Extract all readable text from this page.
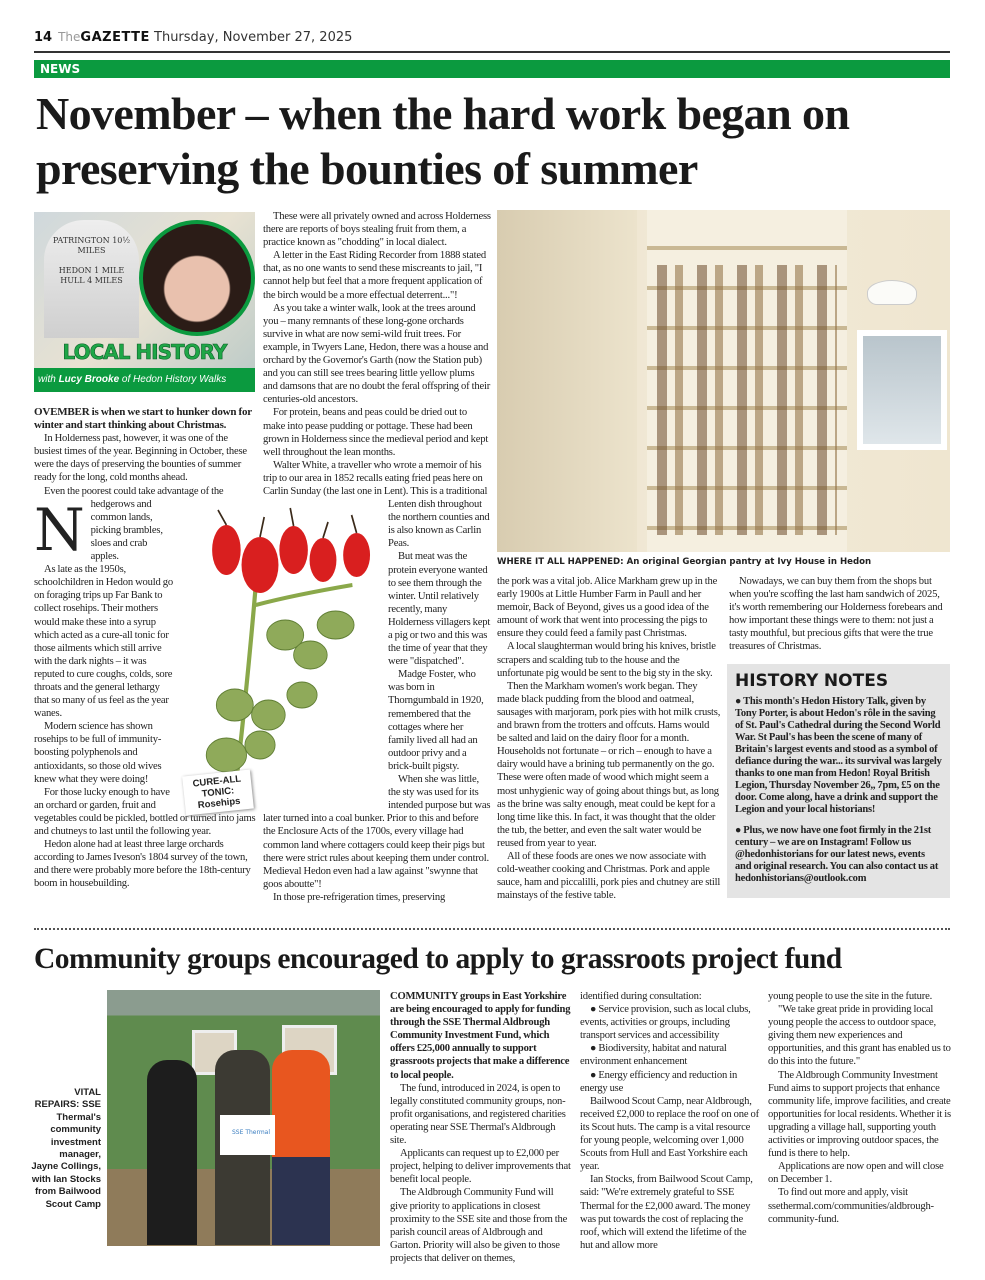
14 TheGAZETTE Thursday, November 27, 2025
NEWS
November – when the hard work began on preserving the bounties of summer
PATRINGTON 10½ MILES

HEDON 1 MILE
HULL 4 MILES
LOCAL HISTORY
with Lucy Brooke of Hedon History Walks
N

OVEMBER is when we start to hunker down for winter and start thinking about Christmas.

In Holderness past, however, it was one of the busiest times of the year. Beginning in October, these were the days of preserving the bounties of summer ready for the long, cold months ahead.

Even the poorest could take advantage of the hedgerows and common lands, picking brambles, sloes and crab apples.

As late as the 1950s, schoolchildren in Hedon would go on foraging trips up Far Bank to collect rosehips. Their mothers would make these into a syrup which acted as a cure-all tonic for those ailments which still arrive with the dark nights – it was reputed to cure coughs, colds, sore throats and the general lethargy that so many of us feel as the year wanes.

Modern science has shown rosehips to be full of immunity-boosting polyphenols and antioxidants, so those old wives knew what they were doing!

For those lucky enough to have an orchard or garden, fruit and vegetables could be pickled, bottled or turned into jams and chutneys to last until the following year.

Hedon alone had at least three large orchards according to James Iveson's 1804 survey of the town, and there were probably more before the 18th-century boom in housebuilding.

These were all privately owned and across Holderness there are reports of boys stealing fruit from them, a practice known as "chodding" in local dialect.

A letter in the East Riding Recorder from 1888 stated that, as no one wants to send these miscreants to jail, "I cannot help but feel that a more frequent application of the birch would be a more effectual deterrent..."!

As you take a winter walk, look at the trees around you – many remnants of these long-gone orchards survive in what are now semi-wild fruit trees. For example, in Twyers Lane, Hedon, there was a house and orchard by the Governor's Garth (now the Station pub) and you can still see trees bearing little yellow plums and damsons that are no doubt the feral offspring of their centuries-old ancestors.

For protein, beans and peas could be dried out to make into pease pudding or pottage. These had been grown in Holderness since the medieval period and kept well throughout the lean months.

Walter White, a traveller who wrote a memoir of his trip to our area in 1852 recalls eating fried peas here on Carlin Sunday (the last one in Lent). This is a traditional Lenten dish throughout the northern counties and is also known as Carlin Peas.

But meat was the protein everyone wanted to see them through the winter. Until relatively recently, many Holderness villagers kept a pig or two and this was the time of year that they were "dispatched".

Madge Foster, who was born in Thorngumbald in 1920, remembered that the cottages where her family lived all had an outdoor privy and a brick-built pigsty.

When she was little, the sty was used for its intended purpose but was later turned into a coal bunker. Prior to this and before the Enclosure Acts of the 1700s, every village had common land where cottagers could keep their pigs but there were strict rules about keeping them under control. Medieval Hedon even had a law against "swynne that goos aboutte"!

In those pre-refrigeration times, preserving

CURE-ALL TONIC: Rosehips
WHERE IT ALL HAPPENED: An original Georgian pantry at Ivy House in Hedon

the pork was a vital job. Alice Markham grew up in the early 1900s at Little Humber Farm in Paull and her memoir, Back of Beyond, gives us a good idea of the amount of work that went into processing the pigs to ensure they could feed a family past Christmas.

A local slaughterman would bring his knives, bristle scrapers and scalding tub to the house and the unfortunate pig would be sent to the big sty in the sky.

Then the Markham women's work began. They made black pudding from the blood and oatmeal, sausages with marjoram, pork pies with hot milk crusts, and brawn from the trotters and offcuts. Hams would be salted and laid on the dairy floor for a month. Households not fortunate – or rich – enough to have a dairy would have a brining tub permanently on the go. These were often made of wood which might seem a most unhygienic way of going about things but, as long as the brine was salty enough, meat could be kept for a long time like this. In fact, it was thought that the older the tub, the better, and even the salt water would be reused from year to year.

All of these foods are ones we now associate with cold-weather cooking and Christmas. Pork and apple sauce, ham and piccalilli, pork pies and chutney are still mainstays of the festive table.

Nowadays, we can buy them from the shops but when you're scoffing the last ham sandwich of 2025, it's worth remembering our Holderness forebears and how important these things were to them: not just a tasty mouthful, but precious gifts that were the true treasures of Christmas.

HISTORY NOTES

● This month's Hedon History Talk, given by Tony Porter, is about Hedon's rôle in the saving of St. Paul's Cathedral during the Second World War. St Paul's has been the scene of many of Britain's largest events and stood as a symbol of defiance during the war... its survival was largely thanks to one man from Hedon! Royal British Legion, Thursday November 26,, 7pm, £5 on the door. Come along, have a drink and support the Legion and your local historians!

● Plus, we now have one foot firmly in the 21st century – we are on Instagram! Follow us @hedonhistorians for our latest news, events and original research. You can also contact us at hedonhistorians@outlook.com

Community groups encouraged to apply to grassroots project fund
VITAL REPAIRS: SSE
Thermal's community investment manager, Jayne Collings, with Ian Stocks from Bailwood Scout Camp
SSE Thermal

COMMUNITY groups in East Yorkshire are being encouraged to apply for funding through the SSE Thermal Aldbrough Community Investment Fund, which offers £25,000 annually to support grassroots projects that make a difference to local people.

The fund, introduced in 2024, is open to legally constituted community groups, non-profit organisations, and registered charities operating near SSE Thermal's Aldbrough site.

Applicants can request up to £2,000 per project, helping to deliver improvements that benefit local people.

The Aldbrough Community Fund will give priority to applications in closest proximity to the SSE site and those from the parish council areas of Aldbrough and Garton. Priority will also be given to those projects that deliver on themes,

identified during consultation:

● Service provision, such as local clubs, events, activities or groups, including transport services and accessibility

● Biodiversity, habitat and natural environment enhancement

● Energy efficiency and reduction in energy use

Bailwood Scout Camp, near Aldbrough, received £2,000 to replace the roof on one of its Scout huts. The camp is a vital resource for young people, welcoming over 1,000 Scouts from Hull and East Yorkshire each year.

Ian Stocks, from Bailwood Scout Camp, said: "We're extremely grateful to SSE Thermal for the £2,000 award. The money was put towards the cost of replacing the roof, which will extend the lifetime of the hut and allow more

young people to use the site in the future.

"We take great pride in providing local young people the access to outdoor space, giving them new experiences and opportunities, and this grant has enabled us to do this into the future."

The Aldbrough Community Investment Fund aims to support projects that enhance community life, improve facilities, and create opportunities for local residents. Whether it is upgrading a village hall, supporting youth activities or improving outdoor spaces, the fund is there to help.

Applications are now open and will close on December 1.

To find out more and apply, visit ssethermal.com/communities/aldbrough-community-fund.
